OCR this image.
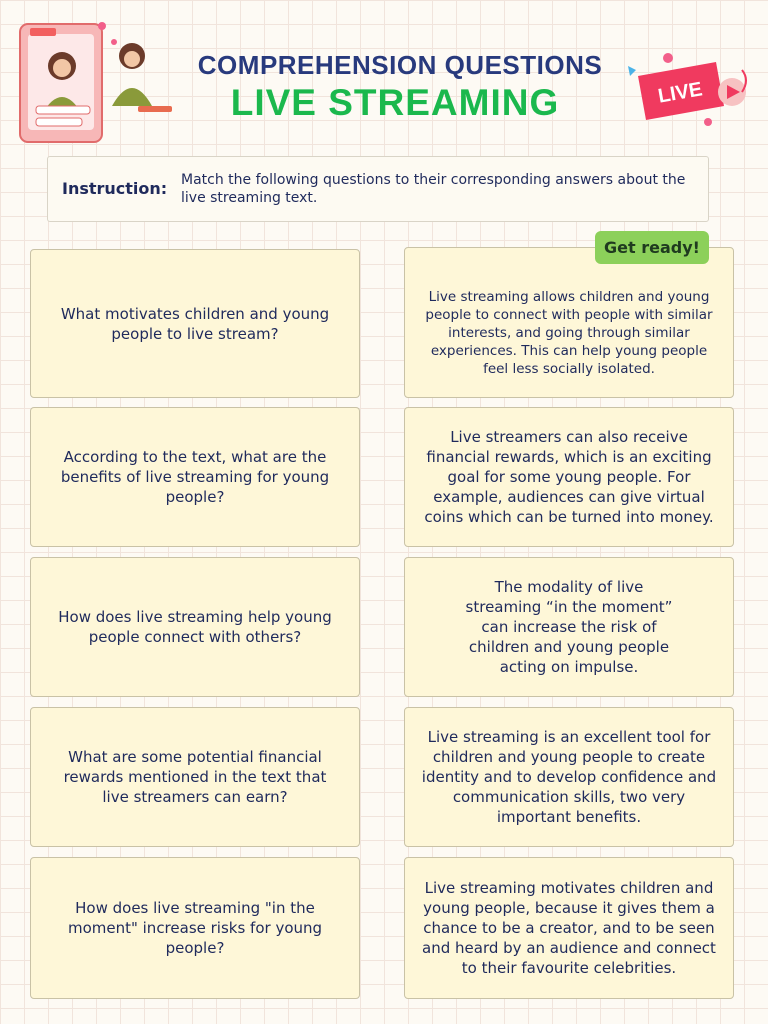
LIVE
COMPREHENSION QUESTIONS
LIVE STREAMING
Instruction: Match the following questions to their corresponding answers about the live streaming text.
What motivates children and young people to live stream?
According to the text, what are the benefits of live streaming for young people?
How does live streaming help young people connect with others?
What are some potential financial rewards mentioned in the text that live streamers can earn?
How does live streaming "in the moment" increase risks for young people?
Live streaming allows children and young people to connect with people with similar interests, and going through similar experiences. This can help young people feel less socially isolated.
Live streamers can also receive financial rewards, which is an exciting goal for some young people. For example, audiences can give virtual coins which can be turned into money.
The modality of live streaming “in the moment” can increase the risk of children and young people acting on impulse.
Live streaming is an excellent tool for children and young people to create identity and to develop confidence and communication skills, two very important benefits.
Live streaming motivates children and young people, because it gives them a chance to be a creator, and to be seen and heard by an audience and connect to their favourite celebrities.
Get ready!
